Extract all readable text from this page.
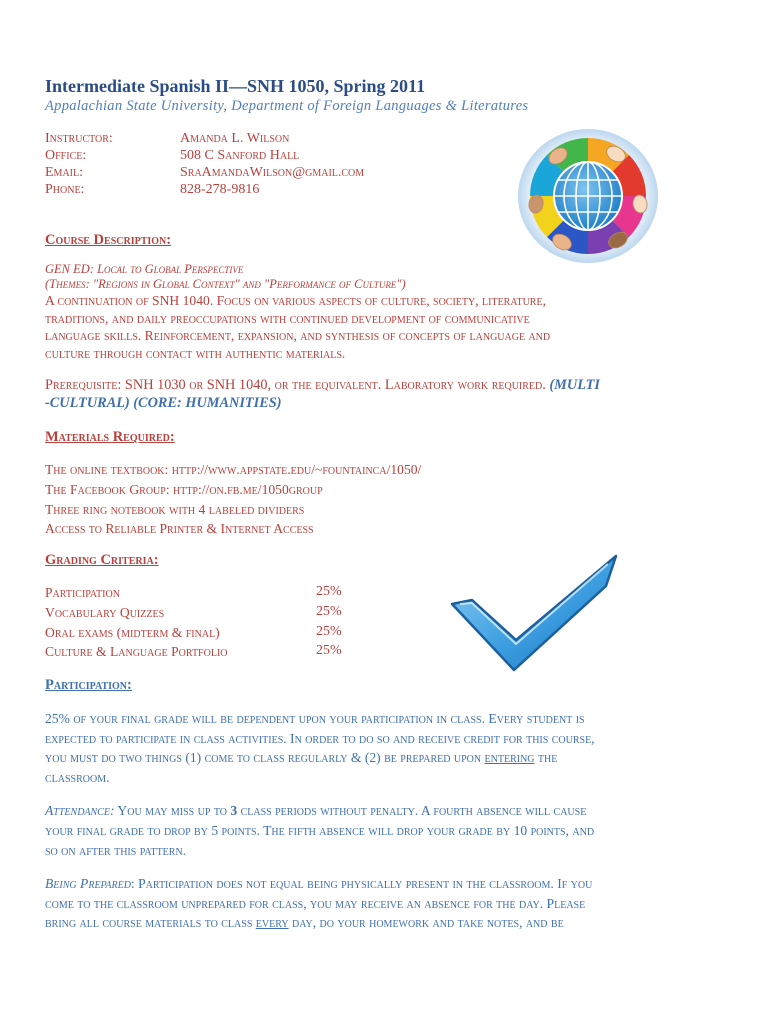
Intermediate Spanish II—SNH 1050, Spring 2011
Appalachian State University, Department of Foreign Languages & Literatures
Instructor:	Amanda L. Wilson
Office:	508 C Sanford Hall
Email:	SraAmandaWilson@gmail.com
Phone:	828-278-9816
Course Description:
GEN ED: Local to Global Perspective
(Themes: "Regions in Global Context" and "Performance of Culture")
A continuation of SNH 1040. Focus on various aspects of culture, society, literature,
traditions, and daily preoccupations with continued development of communicative
language skills. Reinforcement, expansion, and synthesis of concepts of language and
culture through contact with authentic materials.
Prerequisite: SNH 1030 or SNH 1040, or the equivalent. Laboratory work required. (MULTI
-CULTURAL) (CORE: HUMANITIES)
Materials Required:
The online textbook: http://www.appstate.edu/~fountainca/1050/
The Facebook Group: http://on.fb.me/1050group
Three ring notebook with 4 labeled dividers
Access to Reliable Printer & Internet Access
Grading Criteria:
Participation	25%
Vocabulary Quizzes	25%
Oral exams (midterm & final)	25%
Culture & Language Portfolio	25%
Participation:
25% of your final grade will be dependent upon your participation in class. Every student is
expected to participate in class activities. In order to do so and receive credit for this course,
you must do two things (1) come to class regularly & (2) be prepared upon entering the
classroom.
Attendance: You may miss up to 3 class periods without penalty. A fourth absence will cause
your final grade to drop by 5 points. The fifth absence will drop your grade by 10 points, and
so on after this pattern.
Being Prepared: Participation does not equal being physically present in the classroom. If you
come to the classroom unprepared for class, you may receive an absence for the day. Please
bring all course materials to class every day, do your homework and take notes, and be
